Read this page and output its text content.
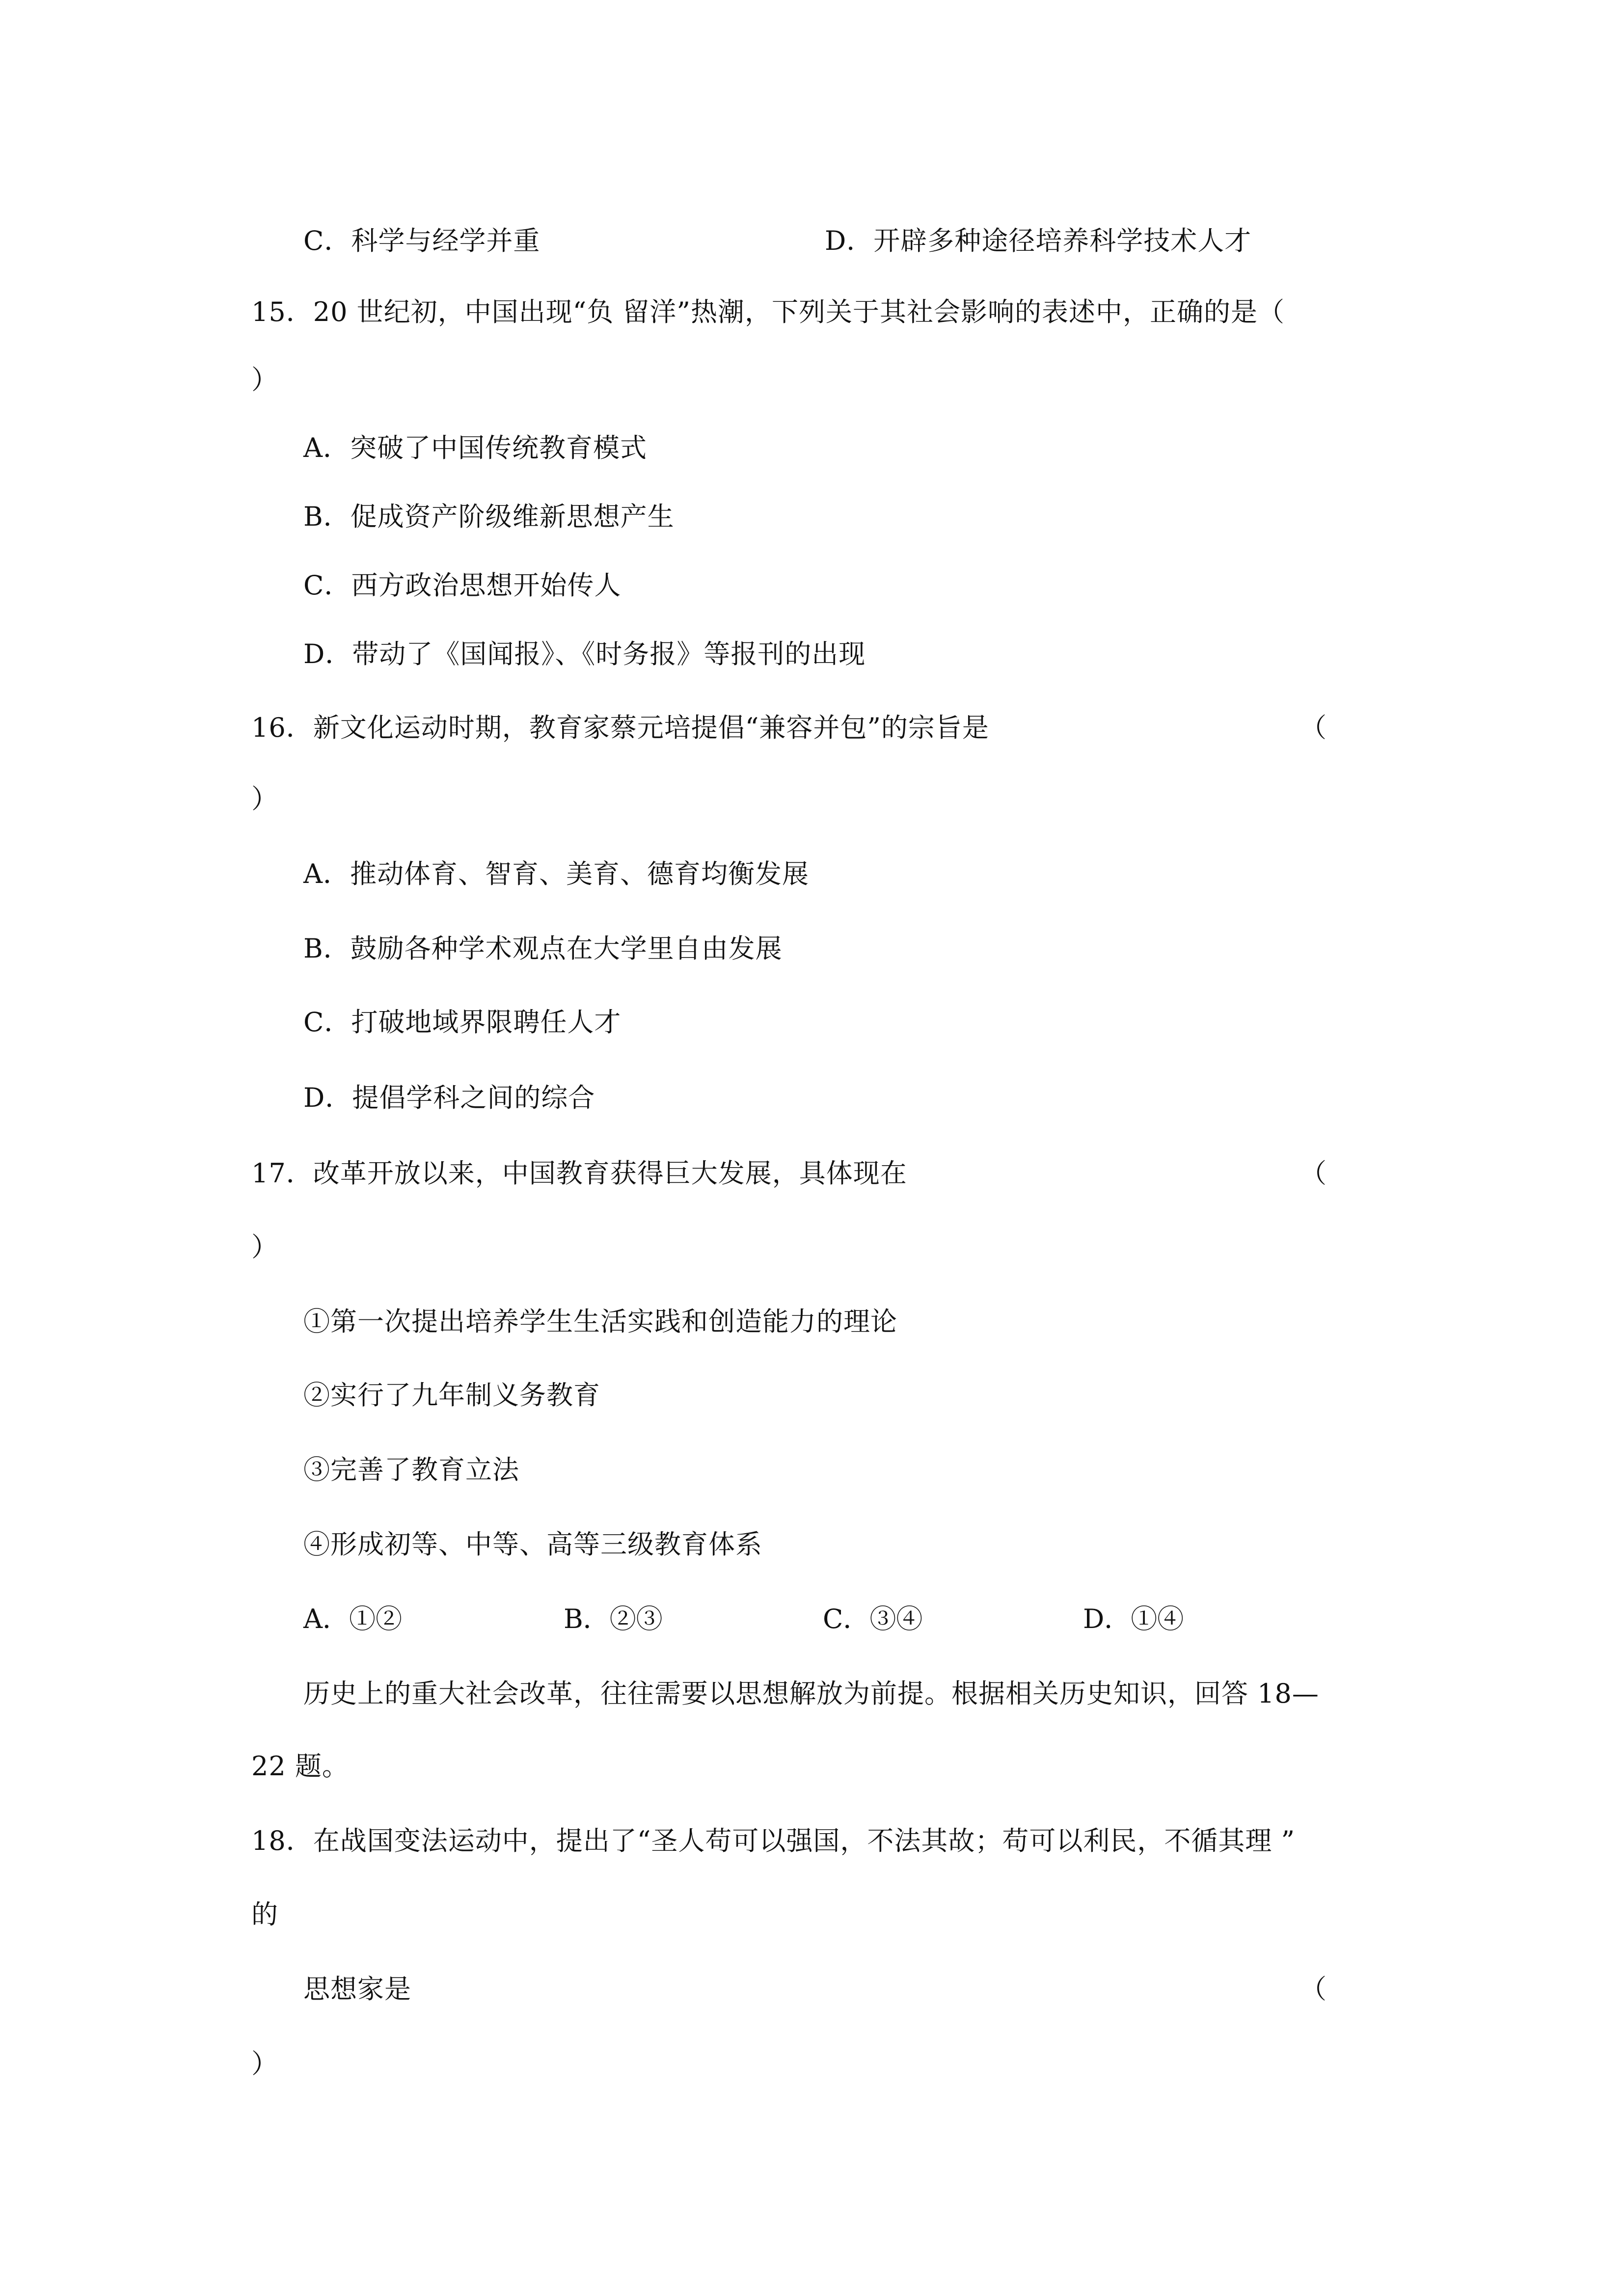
C．科学与经学并重	D．开辟多种途径培养科学技术人才
15．20 世纪初，中国出现“负 留洋”热潮，下列关于其社会影响的表述中，正确的是（
）
A．突破了中国传统教育模式
B．促成资产阶级维新思想产生
C．西方政治思想开始传人
D．带动了《国闻报》、《时务报》等报刊的出现
16．新文化运动时期，教育家蔡元培提倡“兼容并包”的宗旨是	（
）
A．推动体育、智育、美育、德育均衡发展
B．鼓励各种学术观点在大学里自由发展
C．打破地域界限聘任人才
D．提倡学科之间的综合
17．改革开放以来，中国教育获得巨大发展，具体现在	（
）
①第一次提出培养学生生活实践和创造能力的理论
②实行了九年制义务教育
③完善了教育立法
④形成初等、中等、高等三级教育体系
A．①②	B．②③	C．③④	D．①④
历史上的重大社会改革，往往需要以思想解放为前提。根据相关历史知识，回答 18—
22 题。
18．在战国变法运动中，提出了“圣人苟可以强国，不法其故；苟可以利民，不循其理 ”
的
思想家是	（
）
